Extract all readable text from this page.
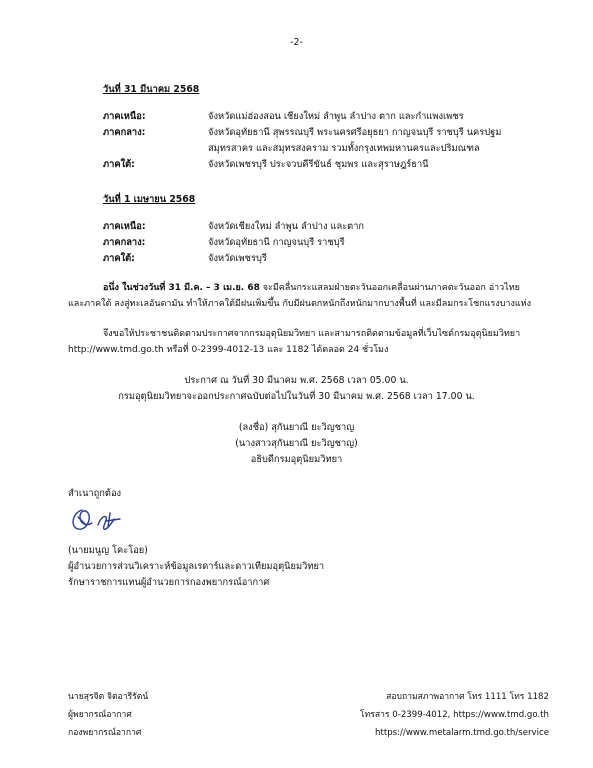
-2-
วันที่ 31 มีนาคม 2568
ภาคเหนือ:	จังหวัดแม่ฮ่องสอน เชียงใหม่ ลำพูน ลำปาง ตาก และกำแพงเพชร
ภาคกลาง:	จังหวัดอุทัยธานี สุพรรณบุรี พระนครศรีอยุธยา กาญจนบุรี ราชบุรี นครปฐม
สมุทรสาคร และสมุทรสงคราม รวมทั้งกรุงเทพมหานครและปริมณฑล
ภาคใต้:	จังหวัดเพชรบุรี ประจวบคีรีขันธ์ ชุมพร และสุราษฎร์ธานี
วันที่ 1 เมษายน 2568
ภาคเหนือ:	จังหวัดเชียงใหม่ ลำพูน ลำปาง และตาก
ภาคกลาง:	จังหวัดอุทัยธานี กาญจนบุรี ราชบุรี
ภาคใต้:	จังหวัดเพชรบุรี
อนึ่ง ในช่วงวันที่ 31 มี.ค. – 3 เม.ย. 68 จะมีคลื่นกระแสลมฝ่ายตะวันออกเคลื่อนผ่านภาคตะวันออก อ่าวไทย
และภาคใต้ ลงสู่ทะเลอันดามัน ทำให้ภาคใต้มีฝนเพิ่มขึ้น กับมีฝนตกหนักถึงหนักมากบางพื้นที่ และมีลมกระโชกแรงบางแห่ง
จึงขอให้ประชาชนติดตามประกาศจากกรมอุตุนิยมวิทยา และสามารถติดตามข้อมูลที่เว็บไซต์กรมอุตุนิยมวิทยา
http://www.tmd.go.th หรือที่ 0-2399-4012-13 และ 1182 ได้ตลอด 24 ชั่วโมง
ประกาศ ณ วันที่ 30 มีนาคม พ.ศ. 2568 เวลา 05.00 น.
กรมอุตุนิยมวิทยาจะออกประกาศฉบับต่อไปในวันที่ 30 มีนาคม พ.ศ. 2568 เวลา 17.00 น.
(ลงชื่อ) สุกันยาณี ยะวิญชาญ
(นางสาวสุกันยาณี ยะวิญชาญ)
อธิบดีกรมอุตุนิยมวิทยา
สำเนาถูกต้อง
(นายมนูญ โคะโอย)
ผู้อำนวยการส่วนวิเคราะห์ข้อมูลเรดาร์และดาวเทียมอุตุนิยมวิทยา
รักษาราชการแทนผู้อำนวยการกองพยากรณ์อากาศ
นายสุรจิต จิตอารีรัตน์
ผู้พยากรณ์อากาศ
กองพยากรณ์อากาศ
สอบถามสภาพอากาศ โทร 1111 โทร 1182
โทรสาร 0-2399-4012, https://www.tmd.go.th
https://www.metalarm.tmd.go.th/service
